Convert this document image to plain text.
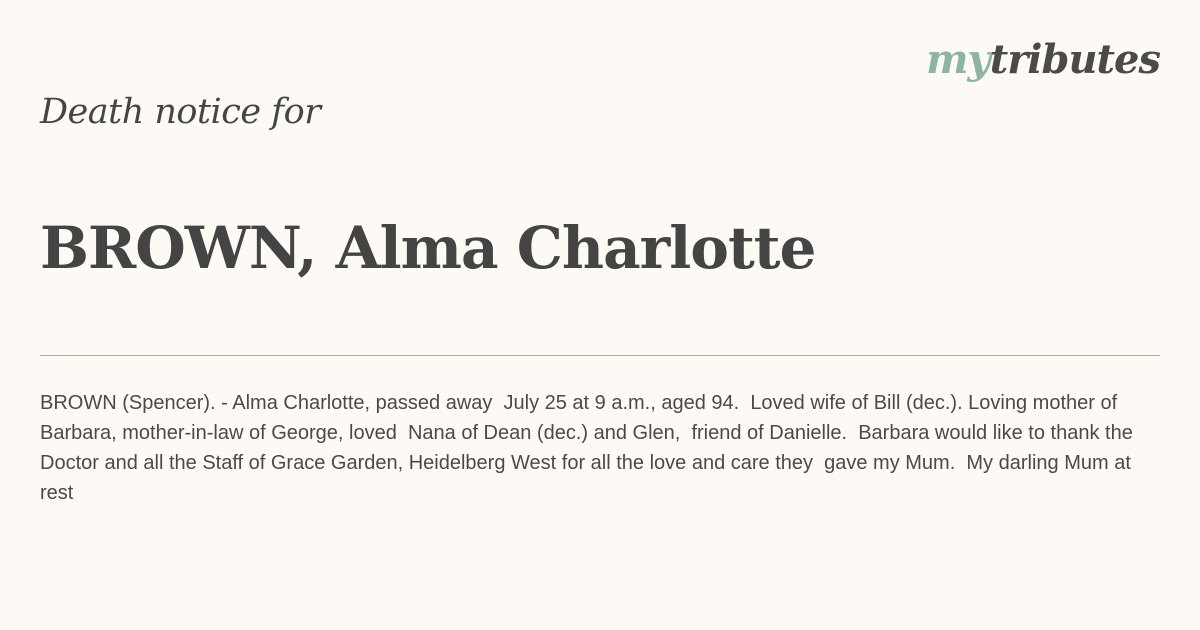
mytributes
Death notice for
BROWN, Alma Charlotte

BROWN (Spencer). - Alma Charlotte, passed away  July 25 at 9 a.m., aged 94.  Loved wife of Bill (dec.). Loving mother of Barbara, mother-in-law of George, loved  Nana of Dean (dec.) and Glen,  friend of Danielle.  Barbara would like to thank the  Doctor and all the Staff of Grace Garden, Heidelberg West for all the love and care they  gave my Mum.  My darling Mum at rest
